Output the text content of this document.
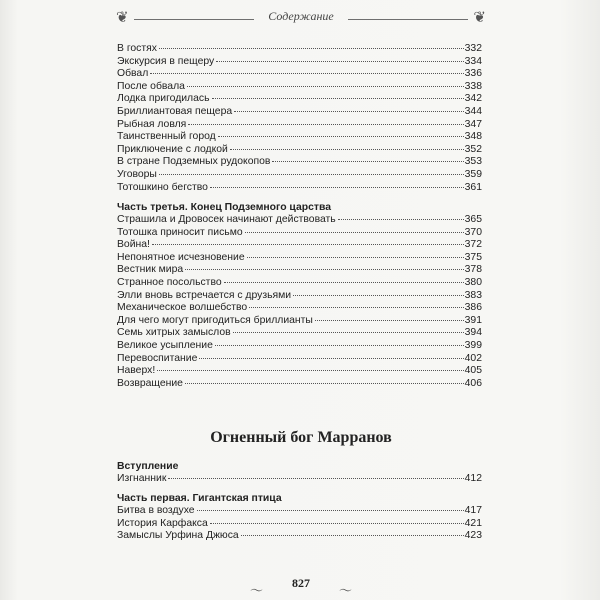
❦	Содержание	❦
В гостях	332
Экскурсия в пещеру	334
Обвал	336
После обвала	338
Лодка пригодилась	342
Бриллиантовая пещера	344
Рыбная ловля	347
Таинственный город	348
Приключение с лодкой	352
В стране Подземных рудокопов	353
Уговоры	359
Тотошкино бегство	361
Часть третья. Конец Подземного царства
Страшила и Дровосек начинают действовать	365
Тотошка приносит письмо	370
Война!	372
Непонятное исчезновение	375
Вестник мира	378
Странное посольство	380
Элли вновь встречается с друзьями	383
Механическое волшебство	386
Для чего могут пригодиться бриллианты	391
Семь хитрых замыслов	394
Великое усыпление	399
Перевоспитание	402
Наверх!	405
Возвращение	406
Огненный бог Марранов
Вступление
Изгнанник	412
Часть первая. Гигантская птица
Битва в воздухе	417
История Карфакса	421
Замыслы Урфина Джюса	423
〜
827
〜
